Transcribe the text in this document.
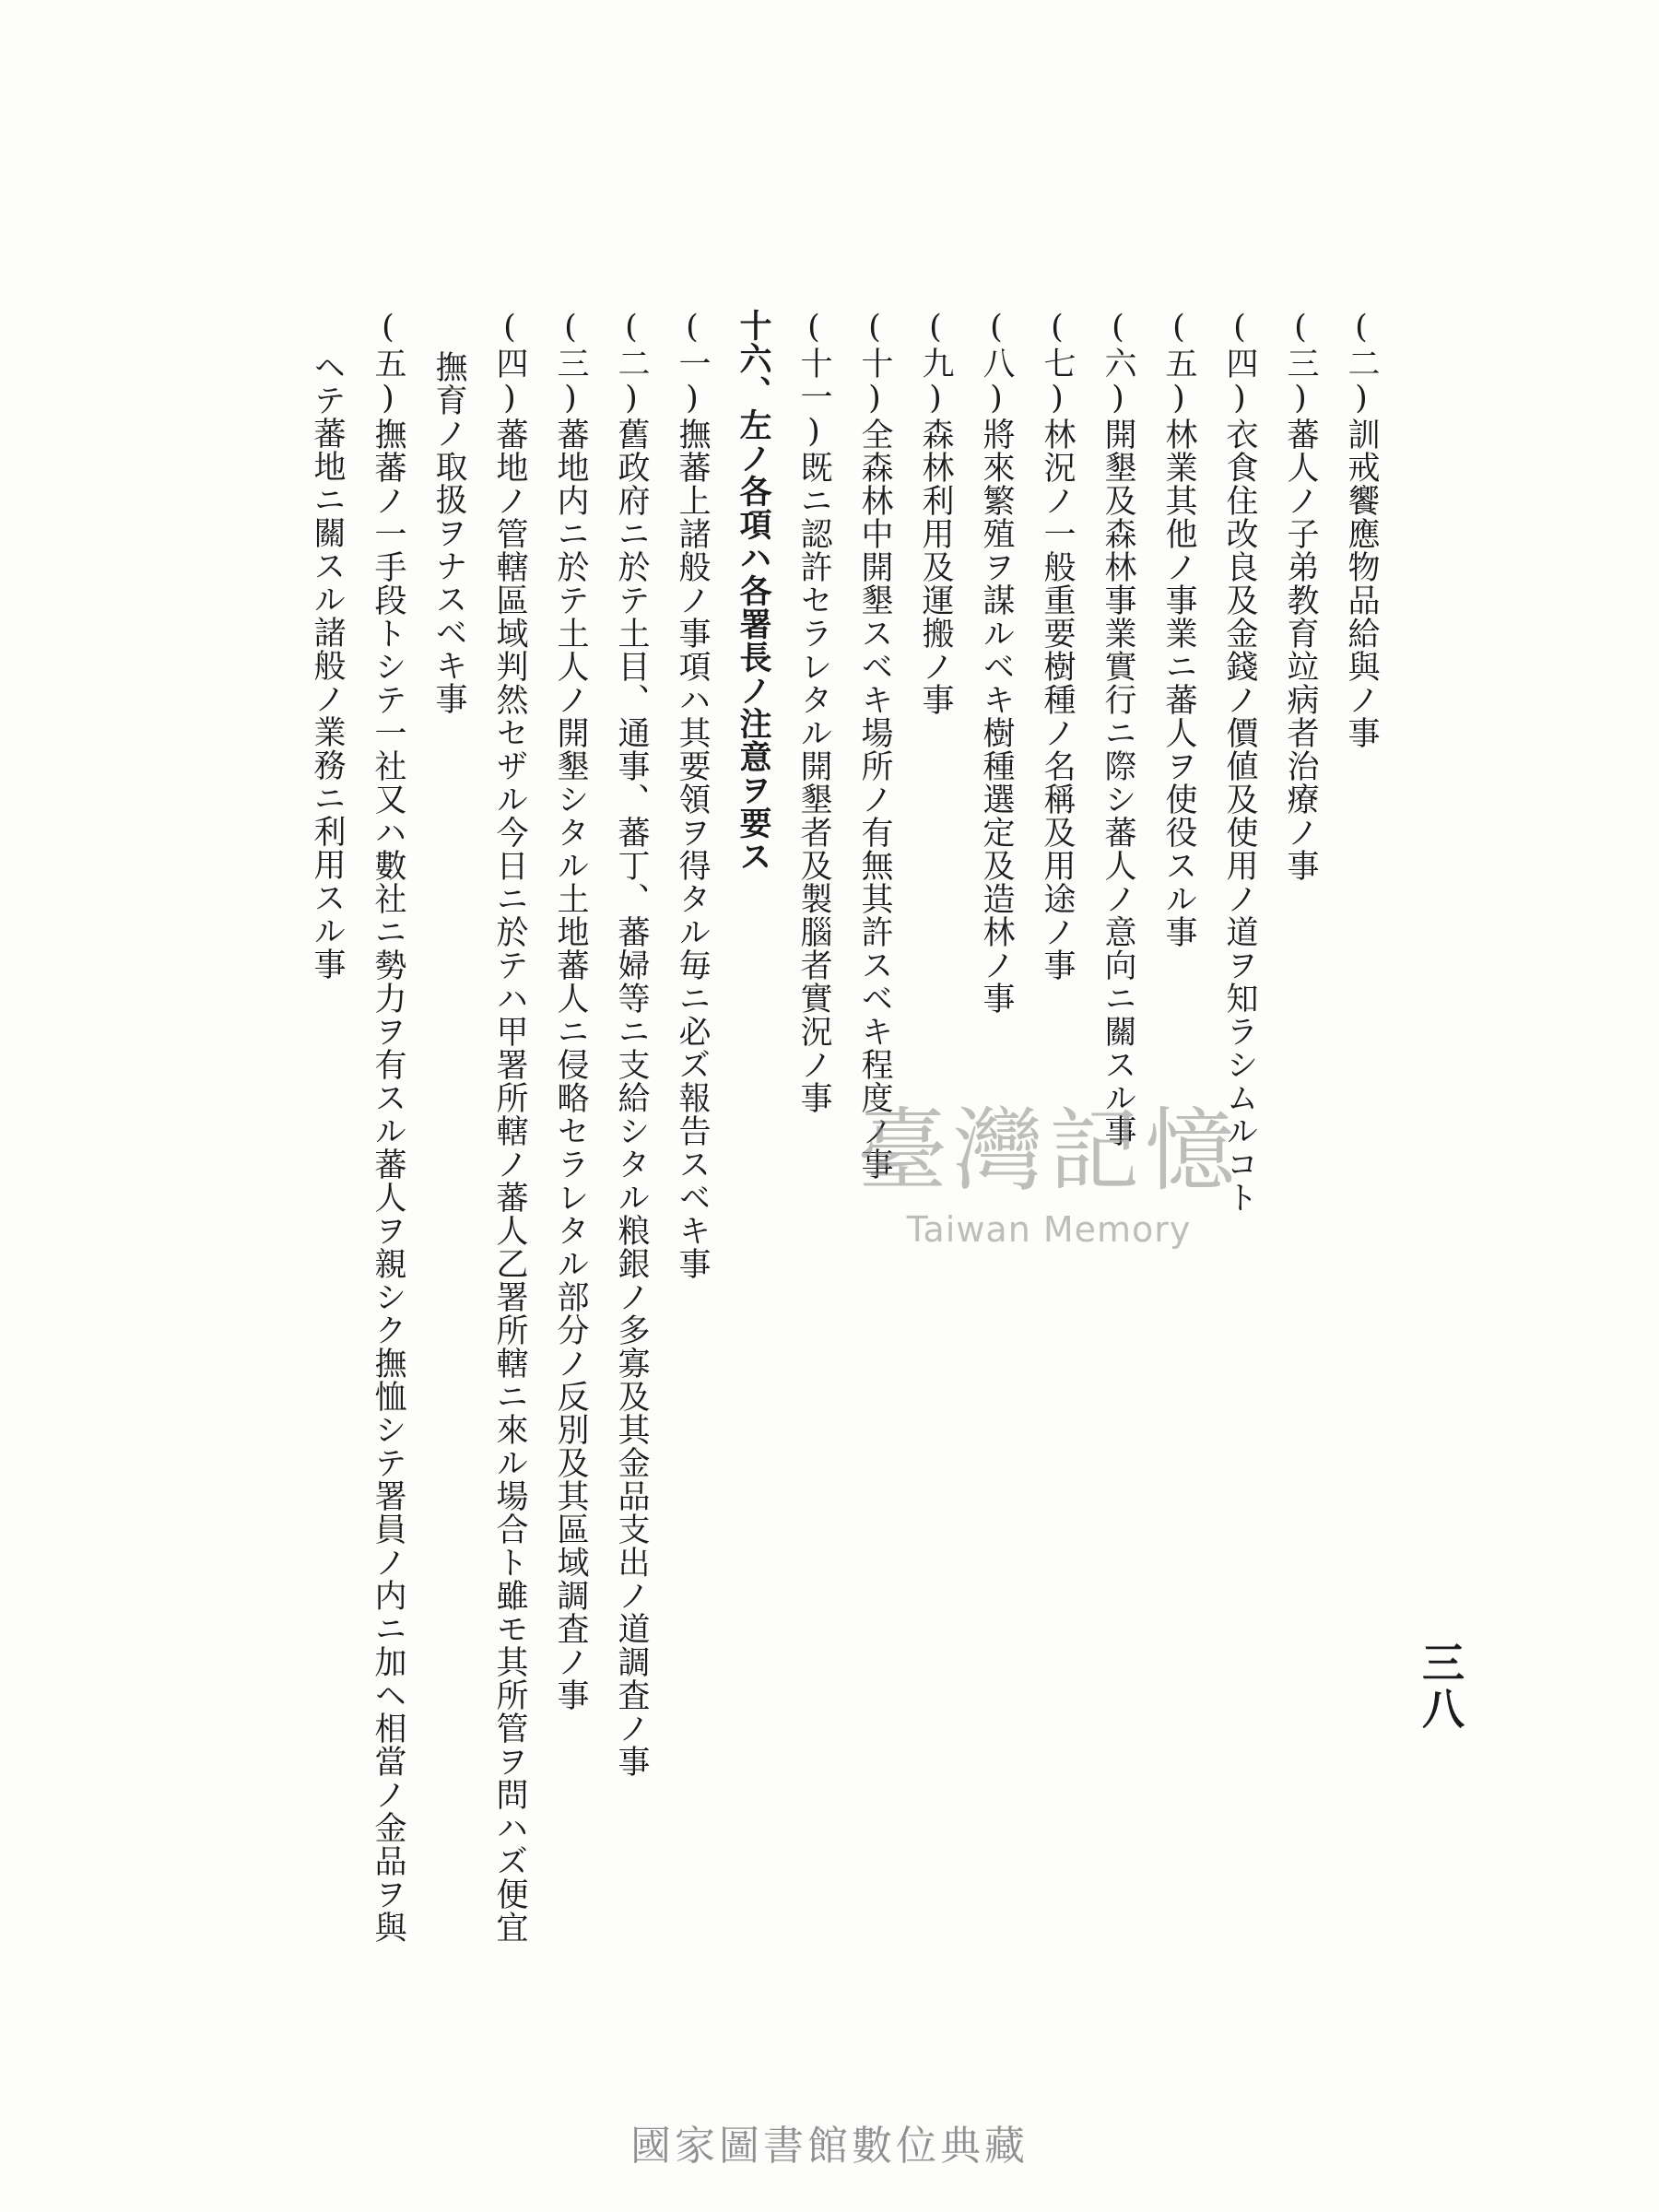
三八
(二)訓戒饗應物品給與ノ事
(三)蕃人ノ子弟教育竝病者治療ノ事
(四)衣食住改良及金錢ノ價値及使用ノ道ヲ知ラシムルコト
(五)林業其他ノ事業ニ蕃人ヲ使役スル事
(六)開墾及森林事業實行ニ際シ蕃人ノ意向ニ關スル事
(七)林況ノ一般重要樹種ノ名稱及用途ノ事
(八)將來繁殖ヲ謀ルベキ樹種選定及造林ノ事
(九)森林利用及運搬ノ事
(十)全森林中開墾スベキ場所ノ有無其許スベキ程度ノ事
(十一)既ニ認許セラレタル開墾者及製腦者實況ノ事
十六、左ノ各項ハ各署長ノ注意ヲ要ス
(一)撫蕃上諸般ノ事項ハ其要領ヲ得タル毎ニ必ズ報告スベキ事
(二)舊政府ニ於テ土目、通事、蕃丁、蕃婦等ニ支給シタル粮銀ノ多寡及其金品支出ノ道調査ノ事
(三)蕃地内ニ於テ土人ノ開墾シタル土地蕃人ニ侵略セラレタル部分ノ反別及其區域調査ノ事
(四)蕃地ノ管轄區域判然セザル今日ニ於テハ甲署所轄ノ蕃人乙署所轄ニ來ル場合ト雖モ其所管ヲ問ハズ便宜
撫育ノ取扱ヲナスベキ事
(五)撫蕃ノ一手段トシテ一社又ハ數社ニ勢力ヲ有スル蕃人ヲ親シク撫恤シテ署員ノ内ニ加ヘ相當ノ金品ヲ與
ヘテ蕃地ニ關スル諸般ノ業務ニ利用スル事
臺灣記憶
Taiwan Memory
國家圖書館數位典藏
